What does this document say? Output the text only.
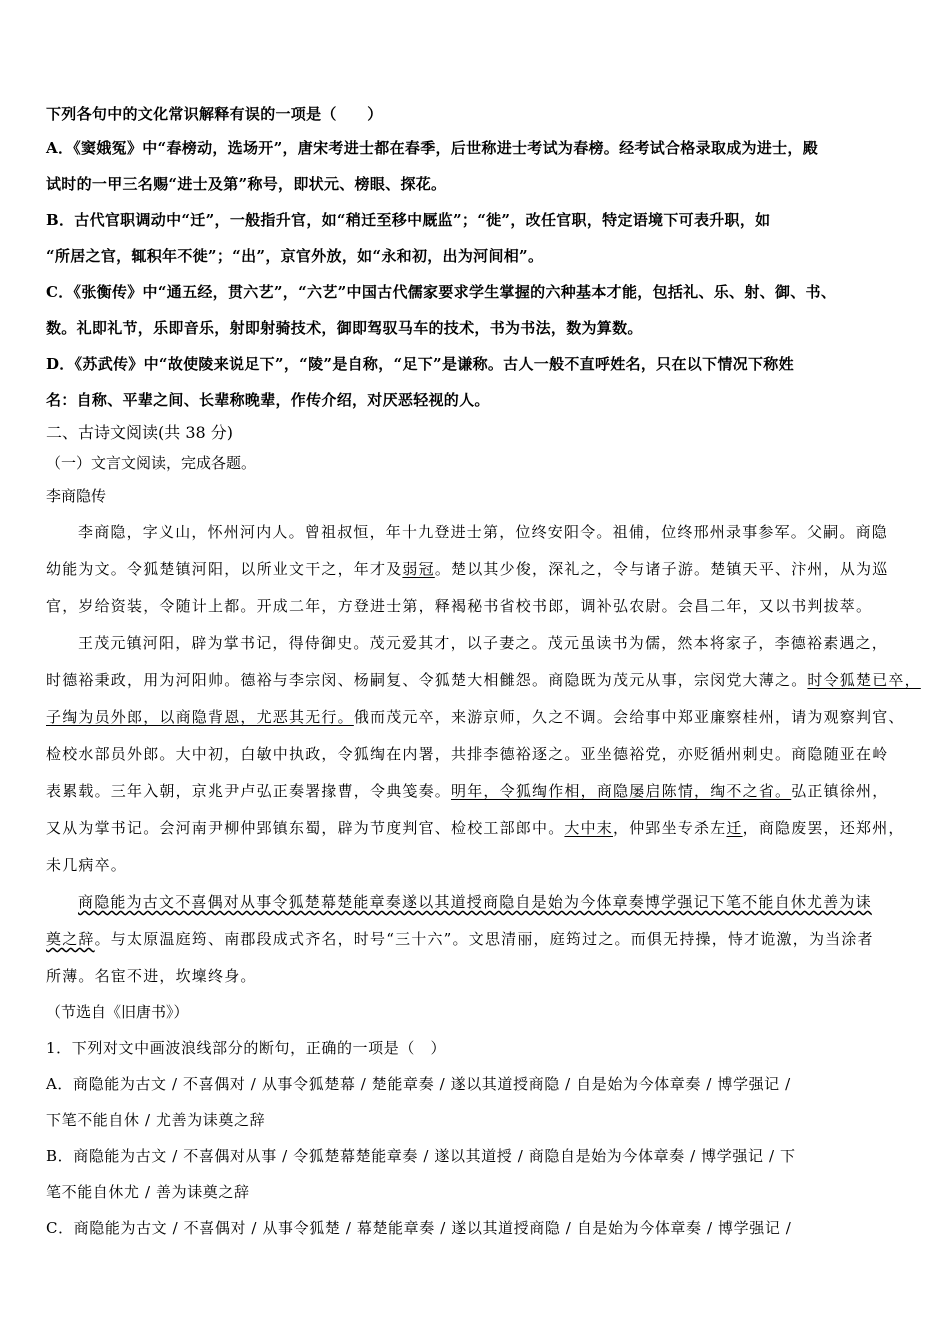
下列各句中的文化常识解释有误的一项是（　　）
A．《窦娥冤》中“春榜动，选场开”，唐宋考进士都在春季，后世称进士考试为春榜。经考试合格录取成为进士，殿
试时的一甲三名赐“进士及第”称号，即状元、榜眼、探花。
B．古代官职调动中“迁”，一般指升官，如“稍迁至移中厩监”；“徙”，改任官职，特定语境下可表升职，如
“所居之官，辄积年不徙”；“出”，京官外放，如“永和初，出为河间相”。
C．《张衡传》中“通五经，贯六艺”，“六艺”中国古代儒家要求学生掌握的六种基本才能，包括礼、乐、射、御、书、
数。礼即礼节，乐即音乐，射即射骑技术，御即驾驭马车的技术，书为书法，数为算数。
D．《苏武传》中“故使陵来说足下”，“陵”是自称，“足下”是谦称。古人一般不直呼姓名，只在以下情况下称姓
名：自称、平辈之间、长辈称晚辈，作传介绍，对厌恶轻视的人。
二、古诗文阅读(共 38 分)
（一）文言文阅读，完成各题。
李商隐传
李商隐，字义山，怀州河内人。曾祖叔恒，年十九登进士第，位终安阳令。祖俌，位终邢州录事参军。父嗣。商隐
幼能为文。令狐楚镇河阳，以所业文干之，年才及弱冠。楚以其少俊，深礼之，令与诸子游。楚镇天平、汴州，从为巡
官，岁给资装，令随计上都。开成二年，方登进士第，释褐秘书省校书郎，调补弘农尉。会昌二年，又以书判拔萃。
王茂元镇河阳，辟为掌书记，得侍御史。茂元爱其才，以子妻之。茂元虽读书为儒，然本将家子，李德裕素遇之，
时德裕秉政，用为河阳帅。德裕与李宗闵、杨嗣复、令狐楚大相雠怨。商隐既为茂元从事，宗闵党大薄之。时令狐楚已卒，
子绹为员外郎，以商隐背恩，尤恶其无行。俄而茂元卒，来游京师，久之不调。会给事中郑亚廉察桂州，请为观察判官、
检校水部员外郎。大中初，白敏中执政，令狐绹在内署，共排李德裕逐之。亚坐德裕党，亦贬循州刺史。商隐随亚在岭
表累载。三年入朝，京兆尹卢弘正奏署掾曹，令典笺奏。明年，令狐绹作相，商隐屡启陈情，绹不之省。弘正镇徐州，
又从为掌书记。会河南尹柳仲郢镇东蜀，辟为节度判官、检校工部郎中。大中末，仲郢坐专杀左迁，商隐废罢，还郑州，
未几病卒。
商隐能为古文不喜偶对从事令狐楚幕楚能章奏遂以其道授商隐自是始为今体章奏博学强记下笔不能自休尤善为诔
奠之辞。与太原温庭筠、南郡段成式齐名，时号“三十六”。文思清丽，庭筠过之。而俱无持操，恃才诡激，为当涂者
所薄。名宦不进，坎壈终身。
（节选自《旧唐书》）
1．下列对文中画波浪线部分的断句，正确的一项是（　）
A．商隐能为古文 / 不喜偶对 / 从事令狐楚幕 / 楚能章奏 / 遂以其道授商隐 / 自是始为今体章奏 / 博学强记 /
下笔不能自休 / 尤善为诔奠之辞
B．商隐能为古文 / 不喜偶对从事 / 令狐楚幕楚能章奏 / 遂以其道授 / 商隐自是始为今体章奏 / 博学强记 / 下
笔不能自休尤 / 善为诔奠之辞
C．商隐能为古文 / 不喜偶对 / 从事令狐楚 / 幕楚能章奏 / 遂以其道授商隐 / 自是始为今体章奏 / 博学强记 /
